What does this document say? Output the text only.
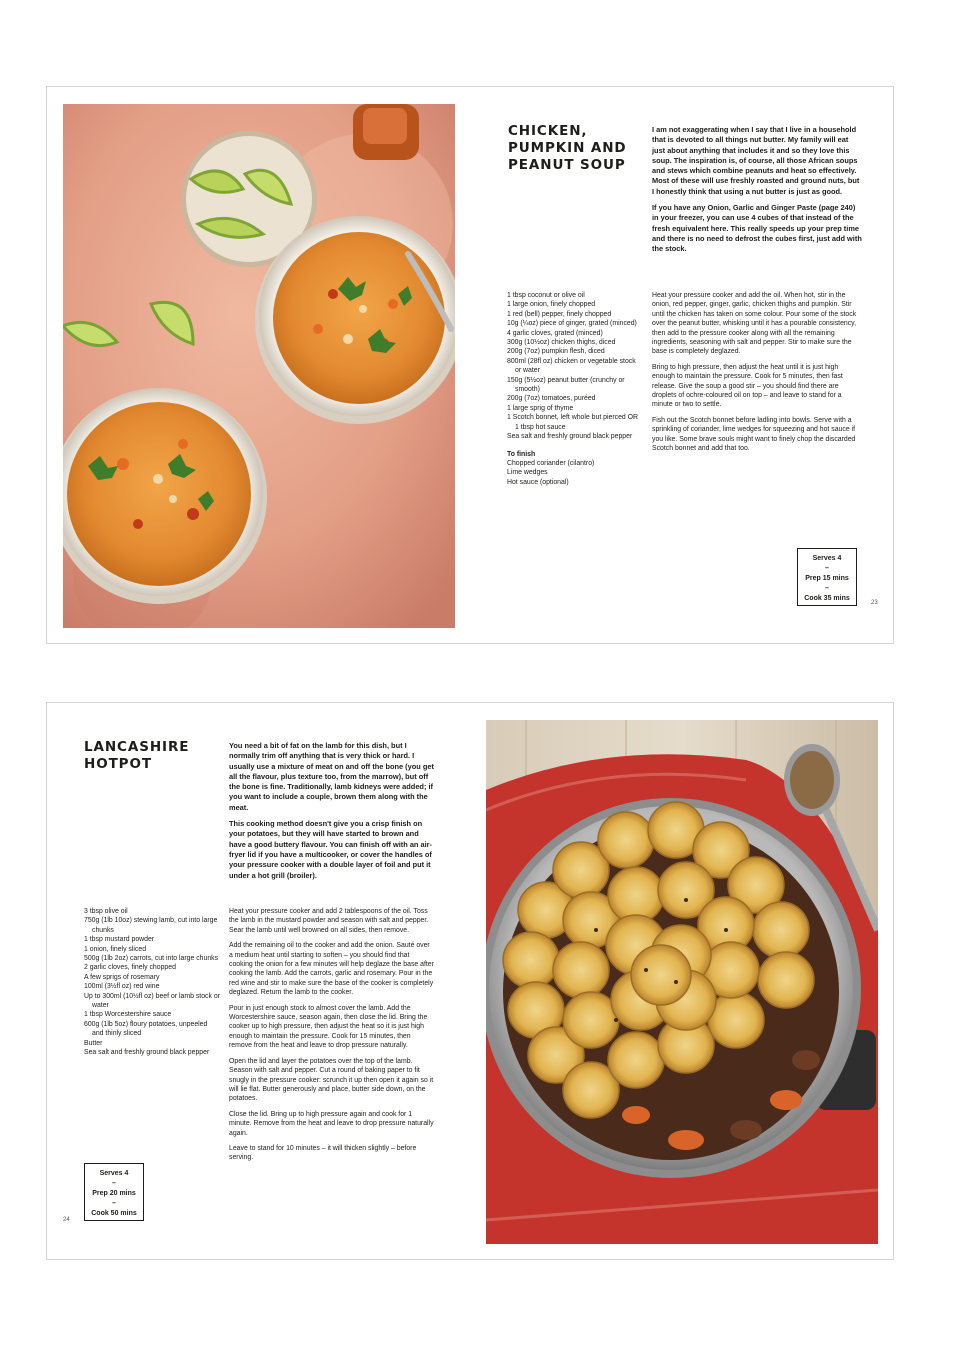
CHICKEN,
PUMPKIN AND
PEANUT SOUP

I am not exaggerating when I say that I live in a household that is devoted to all things nut butter. My family will eat just about anything that includes it and so they love this soup. The inspiration is, of course, all those African soups and stews which combine peanuts and heat so effectively. Most of these will use freshly roasted and ground nuts, but I honestly think that using a nut butter is just as good.

If you have any Onion, Garlic and Ginger Paste (page 240) in your freezer, you can use 4 cubes of that instead of the fresh equivalent here. This really speeds up your prep time and there is no need to defrost the cubes first, just add with the stock.

1 tbsp coconut or olive oil
1 large onion, finely chopped
1 red (bell) pepper, finely chopped
10g (¼oz) piece of ginger, grated (minced)
4 garlic cloves, grated (minced)
300g (10½oz) chicken thighs, diced
200g (7oz) pumpkin flesh, diced
800ml (28fl oz) chicken or vegetable stock or water
150g (5½oz) peanut butter (crunchy or smooth)
200g (7oz) tomatoes, puréed
1 large sprig of thyme
1 Scotch bonnet, left whole but pierced OR 1 tbsp hot sauce
Sea salt and freshly ground black pepper
To finish
Chopped coriander (cilantro)
Lime wedges
Hot sauce (optional)

Heat your pressure cooker and add the oil. When hot, stir in the onion, red pepper, ginger, garlic, chicken thighs and pumpkin. Stir until the chicken has taken on some colour. Pour some of the stock over the peanut butter, whisking until it has a pourable consistency, then add to the pressure cooker along with all the remaining ingredients, seasoning with salt and pepper. Stir to make sure the base is completely deglazed.

Bring to high pressure, then adjust the heat until it is just high enough to maintain the pressure. Cook for 5 minutes, then fast release. Give the soup a good stir – you should find there are droplets of ochre-coloured oil on top – and leave to stand for a minute or two to settle.

Fish out the Scotch bonnet before ladling into bowls. Serve with a sprinkling of coriander, lime wedges for squeezing and hot sauce if you like. Some brave souls might want to finely chop the discarded Scotch bonnet and add that too.

Serves 4
–
Prep 15 mins
–
Cook 35 mins
23
LANCASHIRE
HOTPOT

You need a bit of fat on the lamb for this dish, but I normally trim off anything that is very thick or hard. I usually use a mixture of meat on and off the bone (you get all the flavour, plus texture too, from the marrow), but off the bone is fine. Traditionally, lamb kidneys were added; if you want to include a couple, brown them along with the meat.

This cooking method doesn't give you a crisp finish on your potatoes, but they will have started to brown and have a good buttery flavour. You can finish off with an air-fryer lid if you have a multicooker, or cover the handles of your pressure cooker with a double layer of foil and put it under a hot grill (broiler).

3 tbsp olive oil
750g (1lb 10oz) stewing lamb, cut into large chunks
1 tbsp mustard powder
1 onion, finely sliced
500g (1lb 2oz) carrots, cut into large chunks
2 garlic cloves, finely chopped
A few sprigs of rosemary
100ml (3½fl oz) red wine
Up to 300ml (10½fl oz) beef or lamb stock or water
1 tbsp Worcestershire sauce
600g (1lb 5oz) floury potatoes, unpeeled and thinly sliced
Butter
Sea salt and freshly ground black pepper

Heat your pressure cooker and add 2 tablespoons of the oil. Toss the lamb in the mustard powder and season with salt and pepper. Sear the lamb until well browned on all sides, then remove.

Add the remaining oil to the cooker and add the onion. Sauté over a medium heat until starting to soften – you should find that cooking the onion for a few minutes will help deglaze the base after cooking the lamb. Add the carrots, garlic and rosemary. Pour in the red wine and stir to make sure the base of the cooker is completely deglazed. Return the lamb to the cooker.

Pour in just enough stock to almost cover the lamb. Add the Worcestershire sauce, season again, then close the lid. Bring the cooker up to high pressure, then adjust the heat so it is just high enough to maintain the pressure. Cook for 15 minutes, then remove from the heat and leave to drop pressure naturally.

Open the lid and layer the potatoes over the top of the lamb. Season with salt and pepper. Cut a round of baking paper to fit snugly in the pressure cooker: scrunch it up then open it again so it will lie flat. Butter generously and place, butter side down, on the potatoes.

Close the lid. Bring up to high pressure again and cook for 1 minute. Remove from the heat and leave to drop pressure naturally again.

Leave to stand for 10 minutes – it will thicken slightly – before serving.

Serves 4
–
Prep 20 mins
–
Cook 50 mins
24
